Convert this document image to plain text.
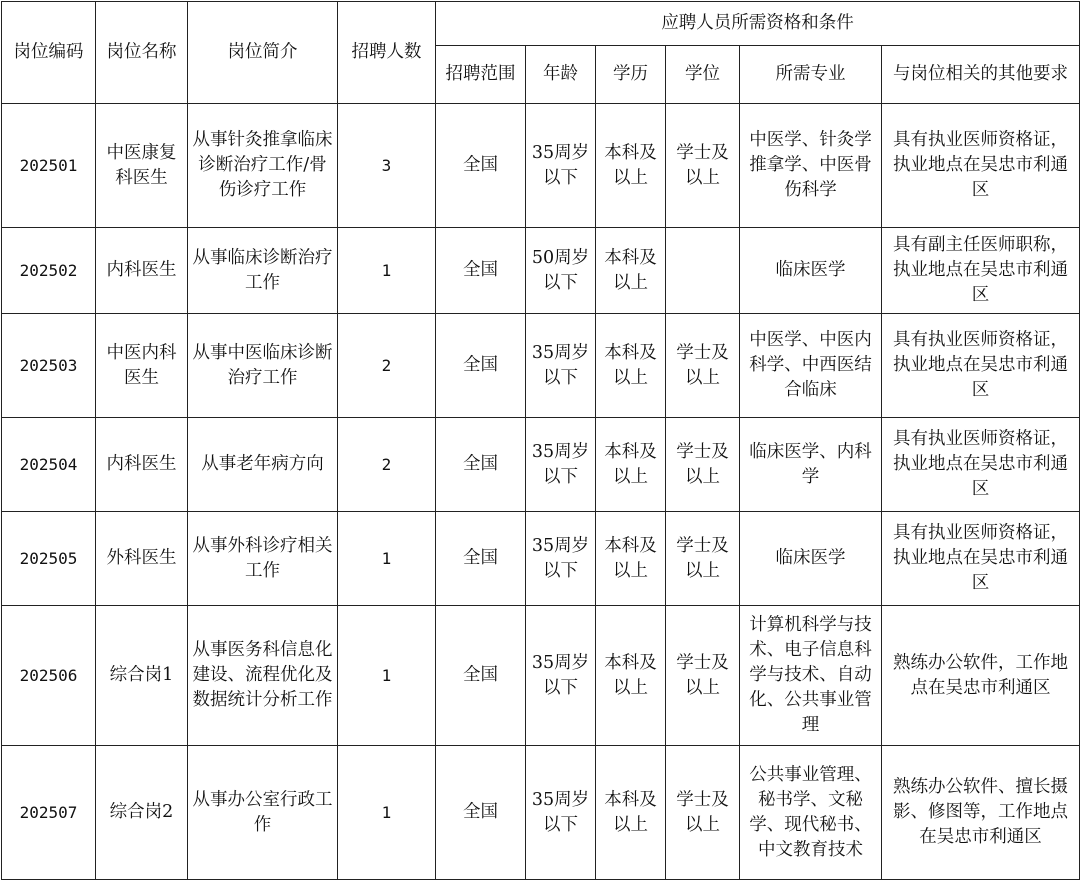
岗位编码	岗位名称	岗位简介	招聘人数	应聘人员所需资格和条件					
				招聘范围	年龄	学历	学位	所需专业	与岗位相关的其他要求
202501	中医康复科医生	从事针灸推拿临床诊断治疗工作/骨伤诊疗工作	3	全国	35周岁以下	本科及以上	学士及以上	中医学、针灸学推拿学、中医骨伤科学	具有执业医师资格证，执业地点在吴忠市利通区
202502	内科医生	从事临床诊断治疗工作	1	全国	50周岁以下	本科及以上		临床医学	具有副主任医师职称，执业地点在吴忠市利通区
202503	中医内科医生	从事中医临床诊断治疗工作	2	全国	35周岁以下	本科及以上	学士及以上	中医学、中医内科学、中西医结合临床	具有执业医师资格证，执业地点在吴忠市利通区
202504	内科医生	从事老年病方向	2	全国	35周岁以下	本科及以上	学士及以上	临床医学、内科学	具有执业医师资格证，执业地点在吴忠市利通区
202505	外科医生	从事外科诊疗相关工作	1	全国	35周岁以下	本科及以上	学士及以上	临床医学	具有执业医师资格证，执业地点在吴忠市利通区
202506	综合岗1	从事医务科信息化建设、流程优化及数据统计分析工作	1	全国	35周岁以下	本科及以上	学士及以上	计算机科学与技术、电子信息科学与技术、自动化、公共事业管理	熟练办公软件，工作地点在吴忠市利通区
202507	综合岗2	从事办公室行政工作	1	全国	35周岁以下	本科及以上	学士及以上	公共事业管理、秘书学、文秘学、现代秘书、中文教育技术	熟练办公软件、擅长摄影、修图等，工作地点在吴忠市利通区
